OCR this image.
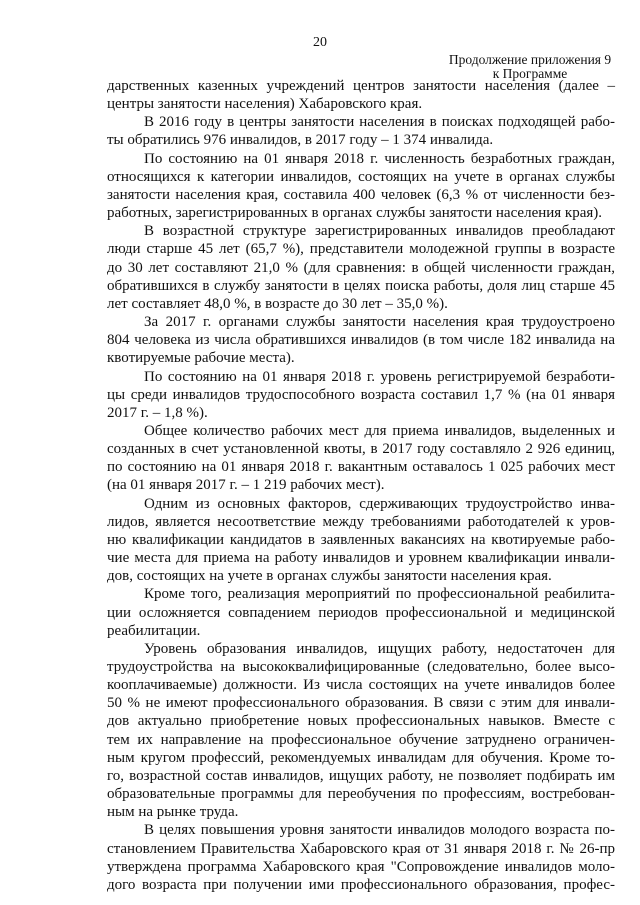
20
Продолжение приложения 9
к Программе

дарственных казенных учреждений центров занятости населения (далее –

центры занятости населения) Хабаровского края.

В 2016 году в центры занятости населения в поисках подходящей рабо-

ты обратились 976 инвалидов, в 2017 году – 1 374 инвалида.

По состоянию на 01 января 2018 г. численность безработных граждан,

относящихся к категории инвалидов, состоящих на учете в органах службы

занятости населения края, составила 400 человек (6,3 % от численности без-

работных, зарегистрированных в органах службы занятости населения края).

В возрастной структуре зарегистрированных инвалидов преобладают

люди старше 45 лет (65,7 %), представители молодежной группы в возрасте

до 30 лет составляют 21,0 % (для сравнения: в общей численности граждан,

обратившихся в службу занятости в целях поиска работы, доля лиц старше 45

лет составляет 48,0 %, в возрасте до 30 лет – 35,0 %).

За 2017 г. органами службы занятости населения края трудоустроено

804 человека из числа обратившихся инвалидов (в том числе 182 инвалида на

квотируемые рабочие места).

По состоянию на 01 января 2018 г. уровень регистрируемой безработи-

цы среди инвалидов трудоспособного возраста составил 1,7 % (на 01 января

2017 г. – 1,8 %).

Общее количество рабочих мест для приема инвалидов, выделенных и

созданных в счет установленной квоты, в 2017 году составляло 2 926 единиц,

по состоянию на 01 января 2018 г. вакантным оставалось 1 025 рабочих мест

(на 01 января 2017 г. – 1 219 рабочих мест).

Одним из основных факторов, сдерживающих трудоустройство инва-

лидов, является несоответствие между требованиями работодателей к уров-

ню квалификации кандидатов в заявленных вакансиях на квотируемые рабо-

чие места для приема на работу инвалидов и уровнем квалификации инвали-

дов, состоящих на учете в органах службы занятости населения края.

Кроме того, реализация мероприятий по профессиональной реабилита-

ции осложняется совпадением периодов профессиональной и медицинской

реабилитации.

Уровень образования инвалидов, ищущих работу, недостаточен для

трудоустройства на высококвалифицированные (следовательно, более высо-

кооплачиваемые) должности. Из числа состоящих на учете инвалидов более

50 % не имеют профессионального образования. В связи с этим для инвали-

дов актуально приобретение новых профессиональных навыков. Вместе с

тем их направление на профессиональное обучение затруднено ограничен-

ным кругом профессий, рекомендуемых инвалидам для обучения. Кроме то-

го, возрастной состав инвалидов, ищущих работу, не позволяет подбирать им

образовательные программы для переобучения по профессиям, востребован-

ным на рынке труда.

В целях повышения уровня занятости инвалидов молодого возраста по-

становлением Правительства Хабаровского края от 31 января 2018 г. № 26-пр

утверждена программа Хабаровского края "Сопровождение инвалидов моло-

дого возраста при получении ими профессионального образования, профес-
